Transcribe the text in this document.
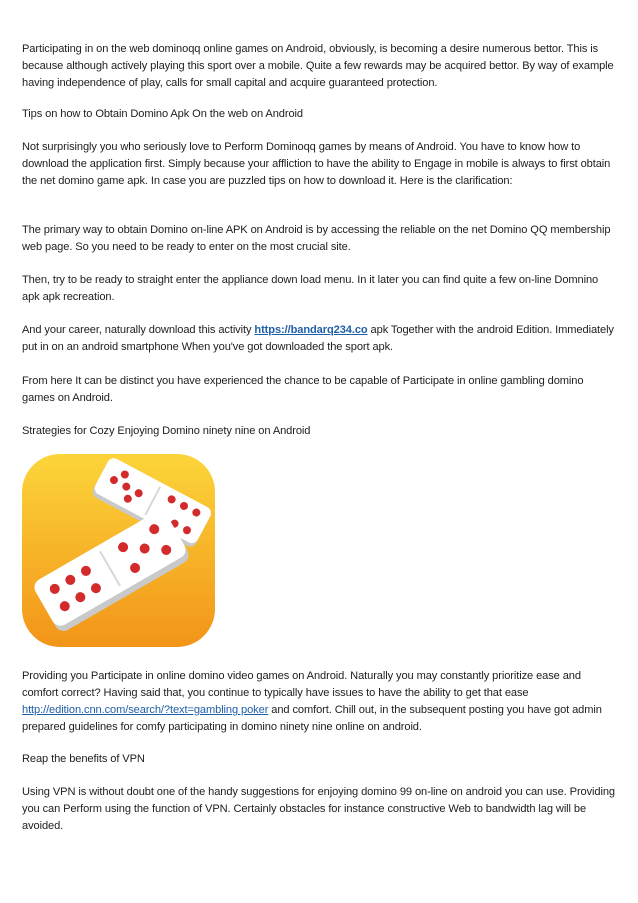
Participating in on the web dominoqq online games on Android, obviously, is becoming a desire numerous bettor. This is because although actively playing this sport over a mobile. Quite a few rewards may be acquired bettor. By way of example having independence of play, calls for small capital and acquire guaranteed protection.

Tips on how to Obtain Domino Apk On the web on Android

Not surprisingly you who seriously love to Perform Dominoqq games by means of Android. You have to know how to download the application first. Simply because your affliction to have the ability to Engage in mobile is always to first obtain the net domino game apk. In case you are puzzled tips on how to download it. Here is the clarification:

The primary way to obtain Domino on-line APK on Android is by accessing the reliable on the net Domino QQ membership web page. So you need to be ready to enter on the most crucial site.

Then, try to be ready to straight enter the appliance down load menu. In it later you can find quite a few on-line Domnino apk apk recreation.

And your career, naturally download this activity https://bandarq234.co apk Together with the android Edition. Immediately put in on an android smartphone When you've got downloaded the sport apk.

From here It can be distinct you have experienced the chance to be capable of Participate in online gambling domino games on Android.

Strategies for Cozy Enjoying Domino ninety nine on Android

Providing you Participate in online domino video games on Android. Naturally you may constantly prioritize ease and comfort correct? Having said that, you continue to typically have issues to have the ability to get that ease http://edition.cnn.com/search/?text=gambling poker and comfort. Chill out, in the subsequent posting you have got admin prepared guidelines for comfy participating in domino ninety nine online on android.

Reap the benefits of VPN

Using VPN is without doubt one of the handy suggestions for enjoying domino 99 on-line on android you can use. Providing you can Perform using the function of VPN. Certainly obstacles for instance constructive Web to bandwidth lag will be avoided.
